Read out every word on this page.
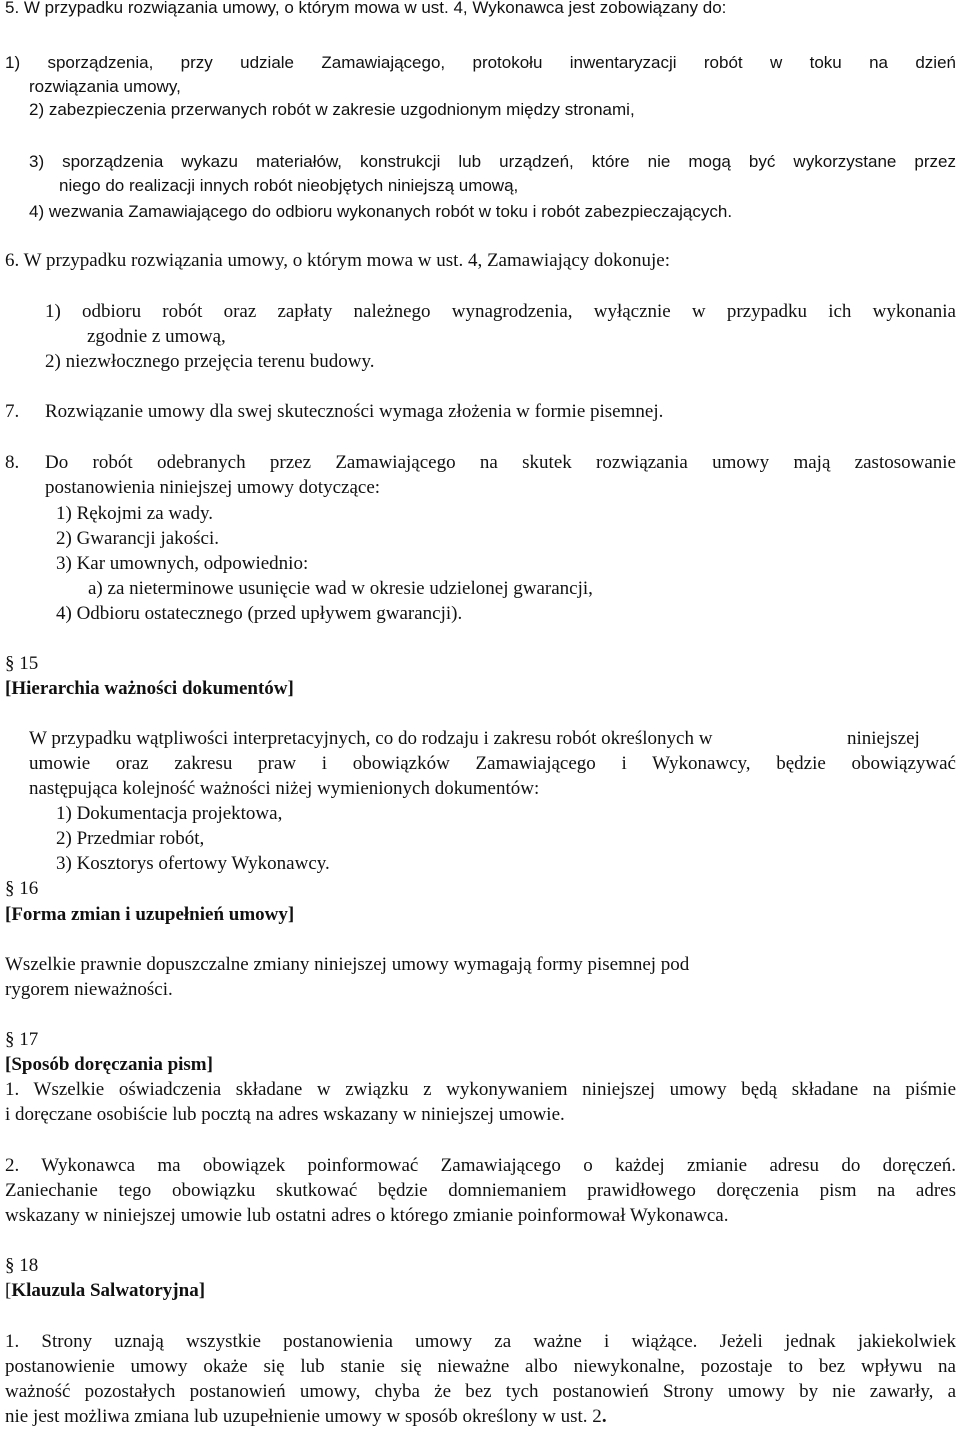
5. W przypadku rozwiązania umowy, o którym mowa w ust. 4, Wykonawca jest zobowiązany do:

1) sporządzenia, przy udziale Zamawiającego, protokołu inwentaryzacji robót w toku na dzień

rozwiązania umowy,

2) zabezpieczenia przerwanych robót w zakresie uzgodnionym między stronami,

3) sporządzenia wykazu materiałów, konstrukcji lub urządzeń, które nie mogą być wykorzystane przez

niego do realizacji innych robót nieobjętych niniejszą umową,

4) wezwania Zamawiającego do odbioru wykonanych robót w toku i robót zabezpieczających.

6. W przypadku rozwiązania umowy, o którym mowa w ust. 4, Zamawiający dokonuje:

1) odbioru robót oraz zapłaty należnego wynagrodzenia, wyłącznie w przypadku ich wykonania

zgodnie z umową,

2) niezwłocznego przejęcia terenu budowy.

7. Rozwiązanie umowy dla swej skuteczności wymaga złożenia w formie pisemnej.

8. Do robót odebranych przez Zamawiającego na skutek rozwiązania umowy mają zastosowanie

postanowienia niniejszej umowy dotyczące:

1) Rękojmi za wady.

2) Gwarancji jakości.

3) Kar umownych, odpowiednio:

a) za nieterminowe usunięcie wad w okresie udzielonej gwarancji,

4) Odbioru ostatecznego (przed upływem gwarancji).

§ 15

[Hierarchia ważności dokumentów]

W przypadku wątpliwości interpretacyjnych, co do rodzaju i zakresu robót określonych w	niniejszej

umowie oraz zakresu praw i obowiązków Zamawiającego i Wykonawcy, będzie obowiązywać

następująca kolejność ważności niżej wymienionych dokumentów:

1) Dokumentacja projektowa,

2) Przedmiar robót,

3) Kosztorys ofertowy Wykonawcy.

§ 16

[Forma zmian i uzupełnień umowy]

Wszelkie prawnie dopuszczalne zmiany niniejszej umowy wymagają formy pisemnej pod

rygorem nieważności.

§ 17

[Sposób doręczania pism]

1. Wszelkie oświadczenia składane w związku z wykonywaniem niniejszej umowy będą składane na piśmie

i doręczane osobiście lub pocztą na adres wskazany w niniejszej umowie.

2. Wykonawca ma obowiązek poinformować Zamawiającego o każdej zmianie adresu do doręczeń.

Zaniechanie tego obowiązku skutkować będzie domniemaniem prawidłowego doręczenia pism na adres

wskazany w niniejszej umowie lub ostatni adres o którego zmianie poinformował Wykonawca.

§ 18

[Klauzula Salwatoryjna]

1. Strony uznają wszystkie postanowienia umowy za ważne i wiążące. Jeżeli jednak jakiekolwiek

postanowienie umowy okaże się lub stanie się nieważne albo niewykonalne, pozostaje to bez wpływu na

ważność pozostałych postanowień umowy, chyba że bez tych postanowień Strony umowy by nie zawarły, a

nie jest możliwa zmiana lub uzupełnienie umowy w sposób określony w ust. 2.
